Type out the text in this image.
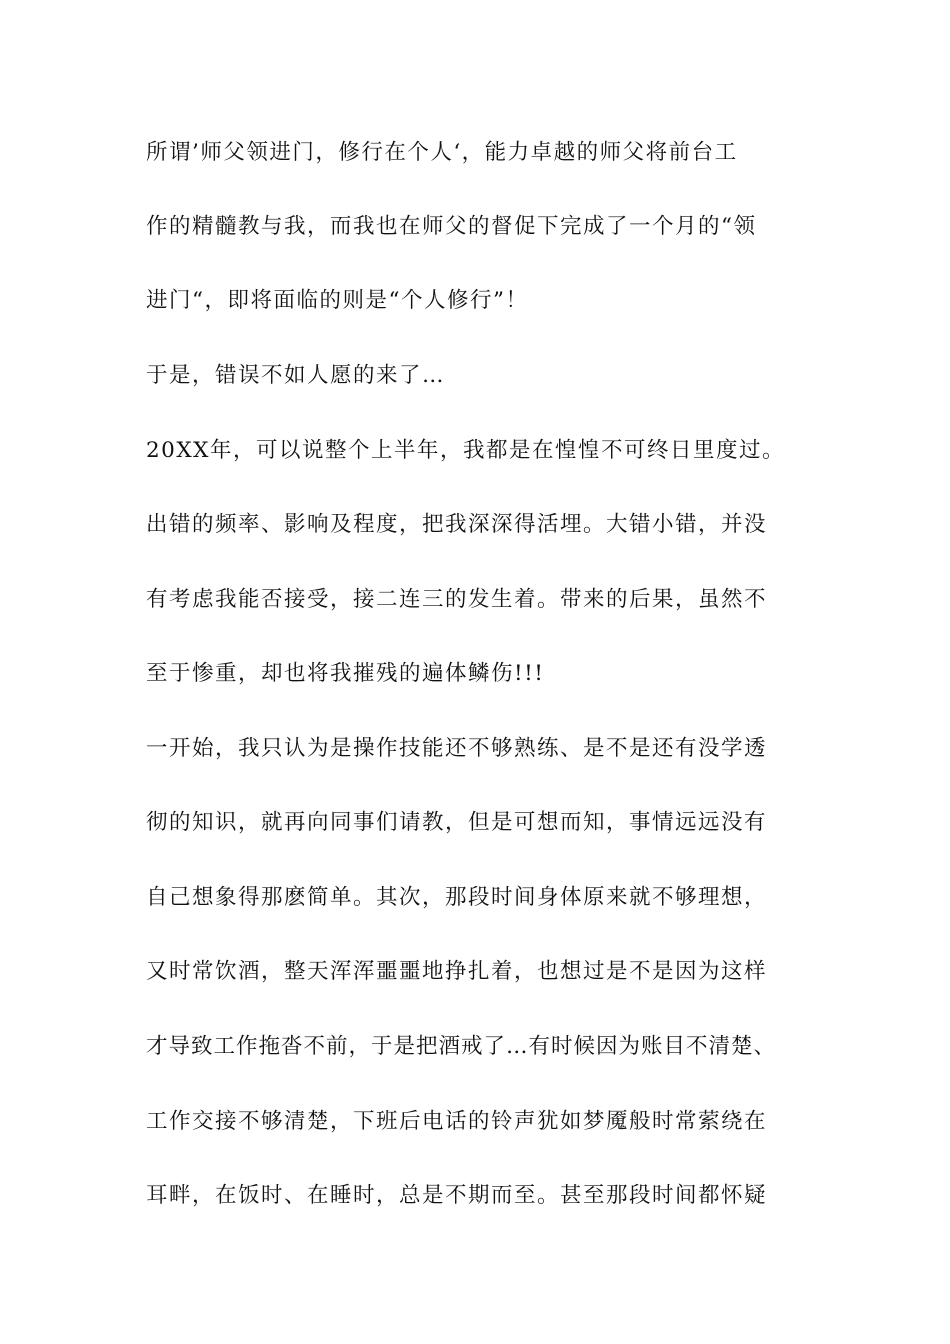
所谓’师父领进门，修行在个人‘，能力卓越的师父将前台工
作的精髓教与我，而我也在师父的督促下完成了一个月的“领
进门“，即将面临的则是“个人修行”！
于是，错误不如人愿的来了…
20XX年，可以说整个上半年，我都是在惶惶不可终日里度过。
出错的频率、影响及程度，把我深深得活埋。大错小错，并没
有考虑我能否接受，接二连三的发生着。带来的后果，虽然不
至于惨重，却也将我摧残的遍体鳞伤!!!
一开始，我只认为是操作技能还不够熟练、是不是还有没学透
彻的知识，就再向同事们请教，但是可想而知，事情远远没有
自己想象得那麽简单。其次，那段时间身体原来就不够理想，
又时常饮酒，整天浑浑噩噩地挣扎着，也想过是不是因为这样
才导致工作拖沓不前，于是把酒戒了…有时候因为账目不清楚、
工作交接不够清楚，下班后电话的铃声犹如梦魇般时常萦绕在
耳畔，在饭时、在睡时，总是不期而至。甚至那段时间都怀疑
